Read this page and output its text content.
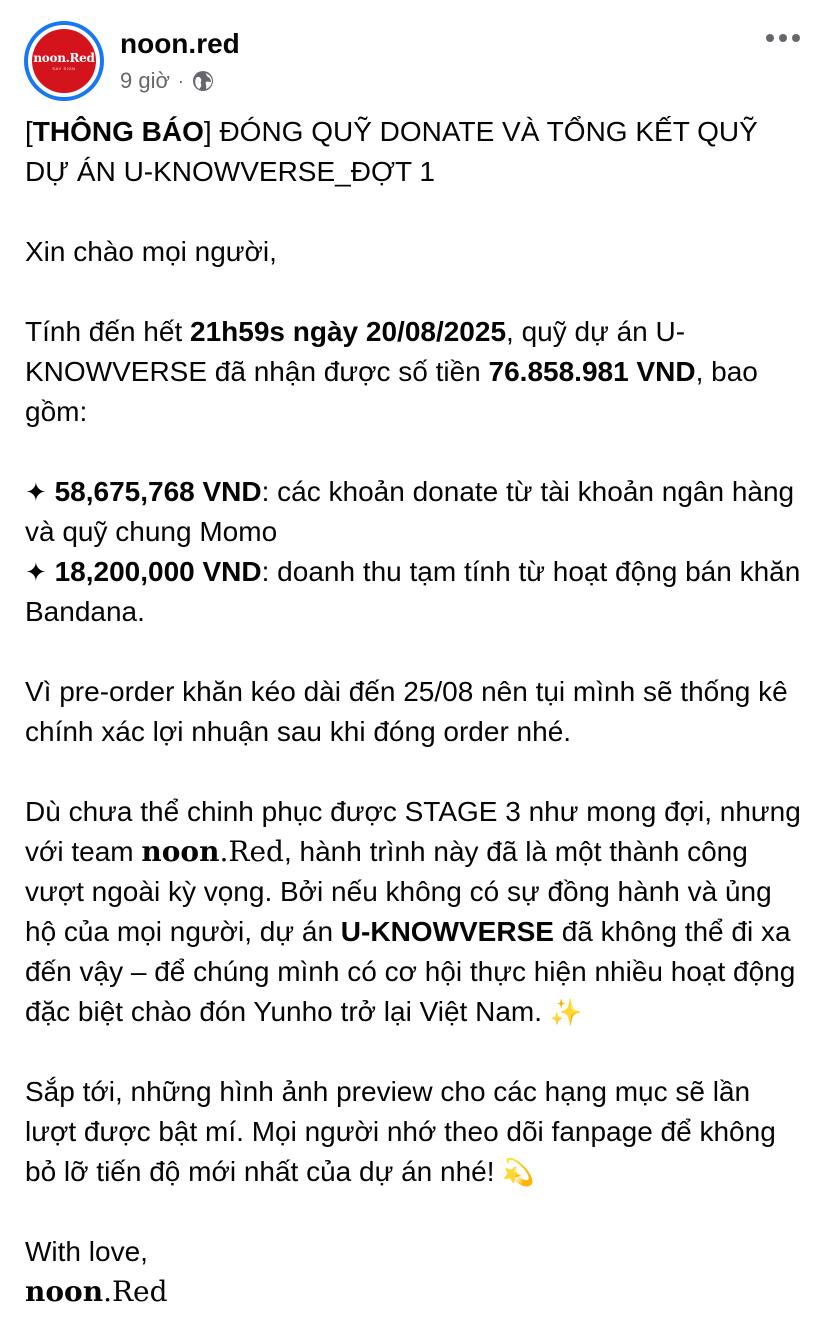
noon.Red
SAY SIGN
noon.red
9 giờ ·

[THÔNG BÁO] ĐÓNG QUỸ DONATE VÀ TỔNG KẾT QUỸ DỰ ÁN U-KNOWVERSE_ĐỢT 1

Xin chào mọi người,

Tính đến hết 21h59s ngày 20/08/2025, quỹ dự án U-KNOWVERSE đã nhận được số tiền 76.858.981 VND, bao gồm:

✦ 58,675,768 VND: các khoản donate từ tài khoản ngân hàng và quỹ chung Momo

✦ 18,200,000 VND: doanh thu tạm tính từ hoạt động bán khăn Bandana.

Vì pre-order khăn kéo dài đến 25/08 nên tụi mình sẽ thống kê chính xác lợi nhuận sau khi đóng order nhé.

Dù chưa thể chinh phục được STAGE 3 như mong đợi, nhưng với team noon.Red, hành trình này đã là một thành công vượt ngoài kỳ vọng. Bởi nếu không có sự đồng hành và ủng hộ của mọi người, dự án U-KNOWVERSE đã không thể đi xa đến vậy – để chúng mình có cơ hội thực hiện nhiều hoạt động đặc biệt chào đón Yunho trở lại Việt Nam. ✨

Sắp tới, những hình ảnh preview cho các hạng mục sẽ lần lượt được bật mí. Mọi người nhớ theo dõi fanpage để không bỏ lỡ tiến độ mới nhất của dự án nhé! 💫

With love,

noon.Red
